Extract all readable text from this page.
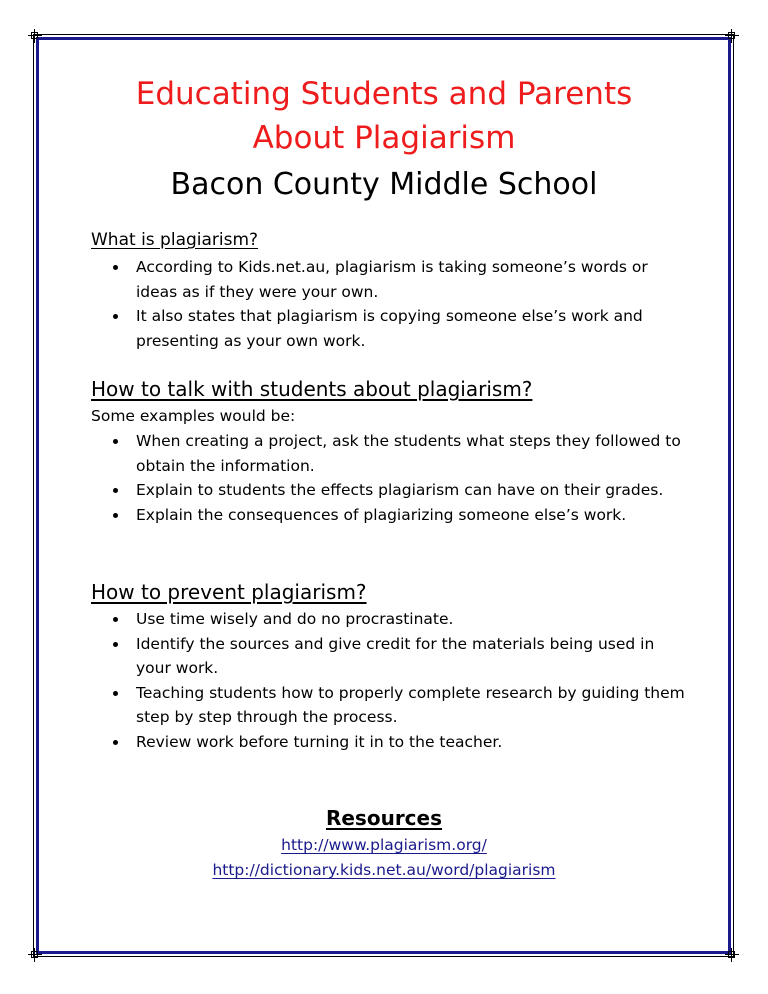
Educating Students and Parents
About Plagiarism
Bacon County Middle School
What is plagiarism?
According to Kids.net.au, plagiarism is taking someone’s words or ideas as if they were your own.
It also states that plagiarism is copying someone else’s work and presenting as your own work.
How to talk with students about plagiarism?
Some examples would be:
When creating a project, ask the students what steps they followed to obtain the information.
Explain to students the effects plagiarism can have on their grades.
Explain the consequences of plagiarizing someone else’s work.
How to prevent plagiarism?
Use time wisely and do no procrastinate.
Identify the sources and give credit for the materials being used in your work.
Teaching students how to properly complete research by guiding them step by step through the process.
Review work before turning it in to the teacher.
Resources
http://www.plagiarism.org/
http://dictionary.kids.net.au/word/plagiarism
